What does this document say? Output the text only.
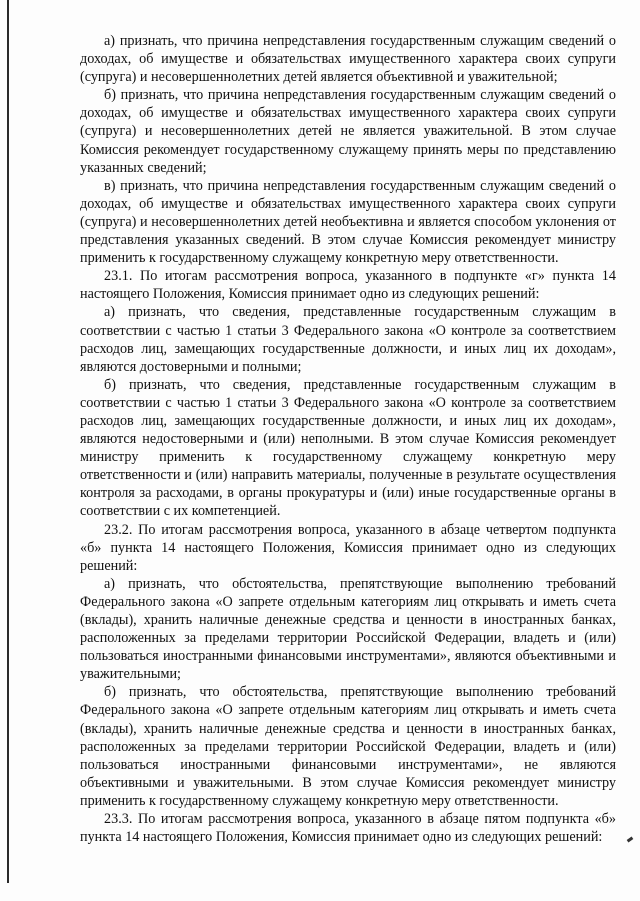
а) признать, что причина непредставления государственным служащим сведений о доходах, об имуществе и обязательствах имущественного характера своих супруги (супруга) и несовершеннолетних детей является объективной и уважительной;

б) признать, что причина непредставления государственным служащим сведений о доходах, об имуществе и обязательствах имущественного характера своих супруги (супруга) и несовершеннолетних детей не является уважительной. В этом случае Комиссия рекомендует государственному служащему принять меры по представлению указанных сведений;

в) признать, что причина непредставления государственным служащим сведений о доходах, об имуществе и обязательствах имущественного характера своих супруги (супруга) и несовершеннолетних детей необъективна и является способом уклонения от представления указанных сведений. В этом случае Комиссия рекомендует министру применить к государственному служащему конкретную меру ответственности.

23.1. По итогам рассмотрения вопроса, указанного в подпункте «г» пункта 14 настоящего Положения, Комиссия принимает одно из следующих решений:

а) признать, что сведения, представленные государственным служащим в соответствии с частью 1 статьи 3 Федерального закона «О контроле за соответствием расходов лиц, замещающих государственные должности, и иных лиц их доходам», являются достоверными и полными;

б) признать, что сведения, представленные государственным служащим в соответствии с частью 1 статьи 3 Федерального закона «О контроле за соответствием расходов лиц, замещающих государственные должности, и иных лиц их доходам», являются недостоверными и (или) неполными. В этом случае Комиссия рекомендует министру применить к государственному служащему конкретную меру ответственности и (или) направить материалы, полученные в результате осуществления контроля за расходами, в органы прокуратуры и (или) иные государственные органы в соответствии с их компетенцией.

23.2. По итогам рассмотрения вопроса, указанного в абзаце четвертом подпункта «б» пункта 14 настоящего Положения, Комиссия принимает одно из следующих решений:

а) признать, что обстоятельства, препятствующие выполнению требований Федерального закона «О запрете отдельным категориям лиц открывать и иметь счета (вклады), хранить наличные денежные средства и ценности в иностранных банках, расположенных за пределами территории Российской Федерации, владеть и (или) пользоваться иностранными финансовыми инструментами», являются объективными и уважительными;

б) признать, что обстоятельства, препятствующие выполнению требований Федерального закона «О запрете отдельным категориям лиц открывать и иметь счета (вклады), хранить наличные денежные средства и ценности в иностранных банках, расположенных за пределами территории Российской Федерации, владеть и (или) пользоваться иностранными финансовыми инструментами», не являются объективными и уважительными. В этом случае Комиссия рекомендует министру применить к государственному служащему конкретную меру ответственности.

23.3. По итогам рассмотрения вопроса, указанного в абзаце пятом подпункта «б» пункта 14 настоящего Положения, Комиссия принимает одно из следующих решений:
